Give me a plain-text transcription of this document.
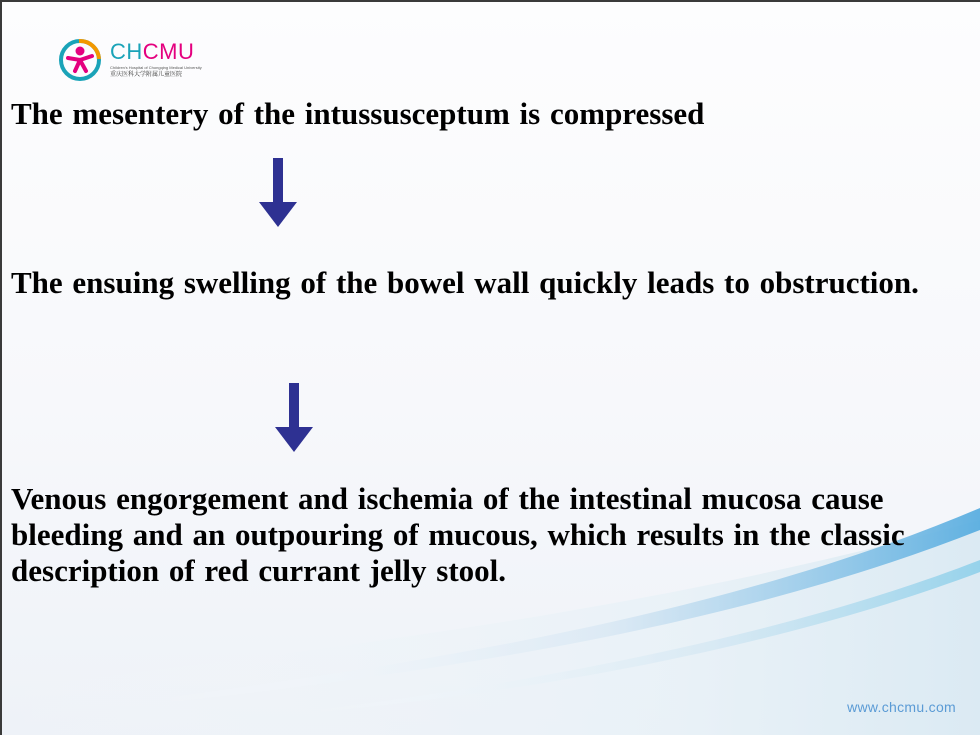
CHCMU
Children's Hospital of Chongqing Medical University
重庆医科大学附属儿童医院

The mesentery of the intussusceptum is compressed

The ensuing swelling of the bowel wall quickly leads to obstruction.

Venous engorgement and ischemia of the intestinal mucosa cause bleeding and an outpouring of mucous, which results in the classic description of red currant jelly stool.

www.chcmu.com
